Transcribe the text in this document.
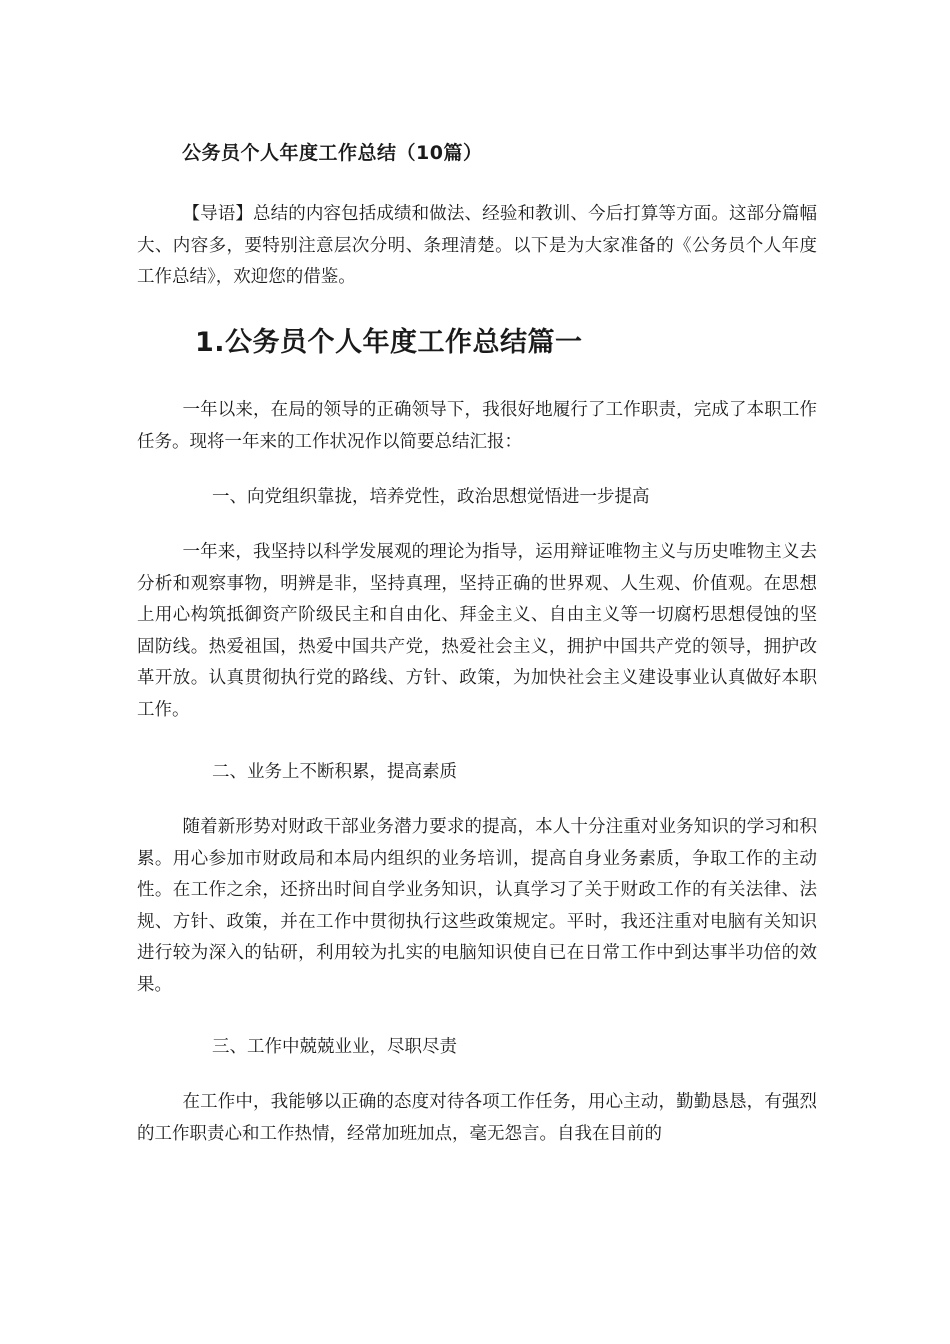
公务员个人年度工作总结（10篇）

【导语】总结的内容包括成绩和做法、经验和教训、今后打算等方面。这部分篇幅大、内容多，要特别注意层次分明、条理清楚。以下是为大家准备的《公务员个人年度工作总结》，欢迎您的借鉴。

1.公务员个人年度工作总结篇一

一年以来，在局的领导的正确领导下，我很好地履行了工作职责，完成了本职工作任务。现将一年来的工作状况作以简要总结汇报：

一、向党组织靠拢，培养党性，政治思想觉悟进一步提高

一年来，我坚持以科学发展观的理论为指导，运用辩证唯物主义与历史唯物主义去分析和观察事物，明辨是非，坚持真理，坚持正确的世界观、人生观、价值观。在思想上用心构筑抵御资产阶级民主和自由化、拜金主义、自由主义等一切腐朽思想侵蚀的坚固防线。热爱祖国，热爱中国共产党，热爱社会主义，拥护中国共产党的领导，拥护改革开放。认真贯彻执行党的路线、方针、政策，为加快社会主义建设事业认真做好本职工作。

二、业务上不断积累，提高素质

随着新形势对财政干部业务潜力要求的提高，本人十分注重对业务知识的学习和积累。用心参加市财政局和本局内组织的业务培训，提高自身业务素质，争取工作的主动性。在工作之余，还挤出时间自学业务知识，认真学习了关于财政工作的有关法律、法规、方针、政策，并在工作中贯彻执行这些政策规定。平时，我还注重对电脑有关知识进行较为深入的钻研，利用较为扎实的电脑知识使自已在日常工作中到达事半功倍的效果。

三、工作中兢兢业业，尽职尽责

在工作中，我能够以正确的态度对待各项工作任务，用心主动，勤勤恳恳，有强烈的工作职责心和工作热情，经常加班加点，毫无怨言。自我在目前的
